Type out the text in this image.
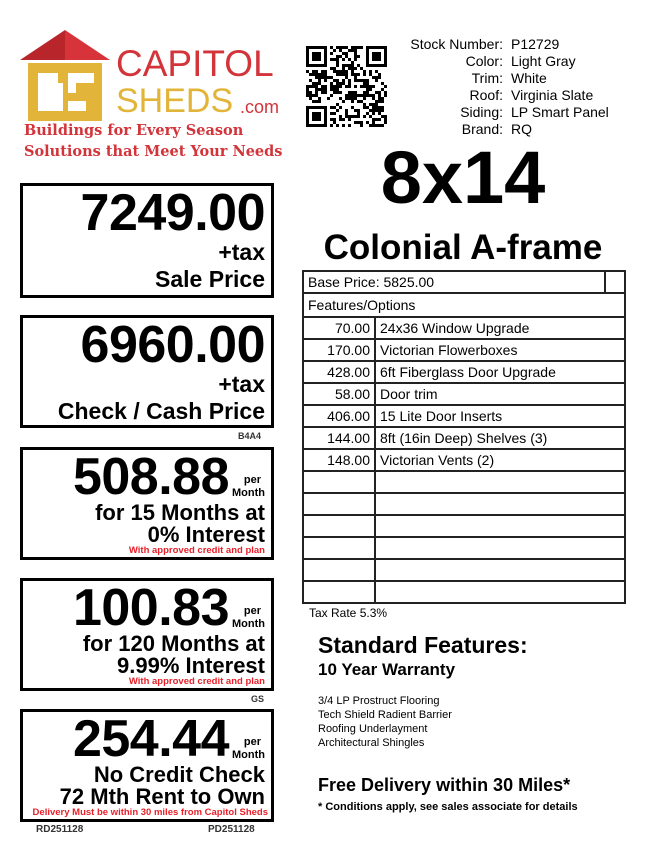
CAPITOL
SHEDS .com
Buildings for Every Season
Solutions that Meet Your Needs
Stock Number: P12729
Color: Light Gray
Trim: White
Roof: Virginia Slate
Siding: LP Smart Panel
Brand: RQ
8x14
Colonial A-frame
7249.00
+tax
Sale Price
6960.00
+tax
Check / Cash Price
B4A4
508.88	per
Month
for 15 Months at
0% Interest
With approved credit and plan
100.83	per
Month
for 120 Months at
9.99% Interest
With approved credit and plan
GS
254.44	per
Month
No Credit Check
72 Mth Rent to Own
Delivery Must be within 30 miles from Capitol Sheds
RD251128	PD251128
Base Price: 5825.00	

Features/Options	
70.00	24x36 Window Upgrade
170.00	Victorian Flowerboxes
428.00	6ft Fiberglass Door Upgrade
58.00	Door trim
406.00	15 Lite Door Inserts
144.00	8ft (16in Deep) Shelves (3)
148.00	Victorian Vents (2)

Tax Rate 5.3%
Standard Features:
10 Year Warranty
3/4 LP Prostruct Flooring
Tech Shield Radient Barrier
Roofing Underlayment
Architectural Shingles
Free Delivery within 30 Miles*
* Conditions apply, see sales associate for details
